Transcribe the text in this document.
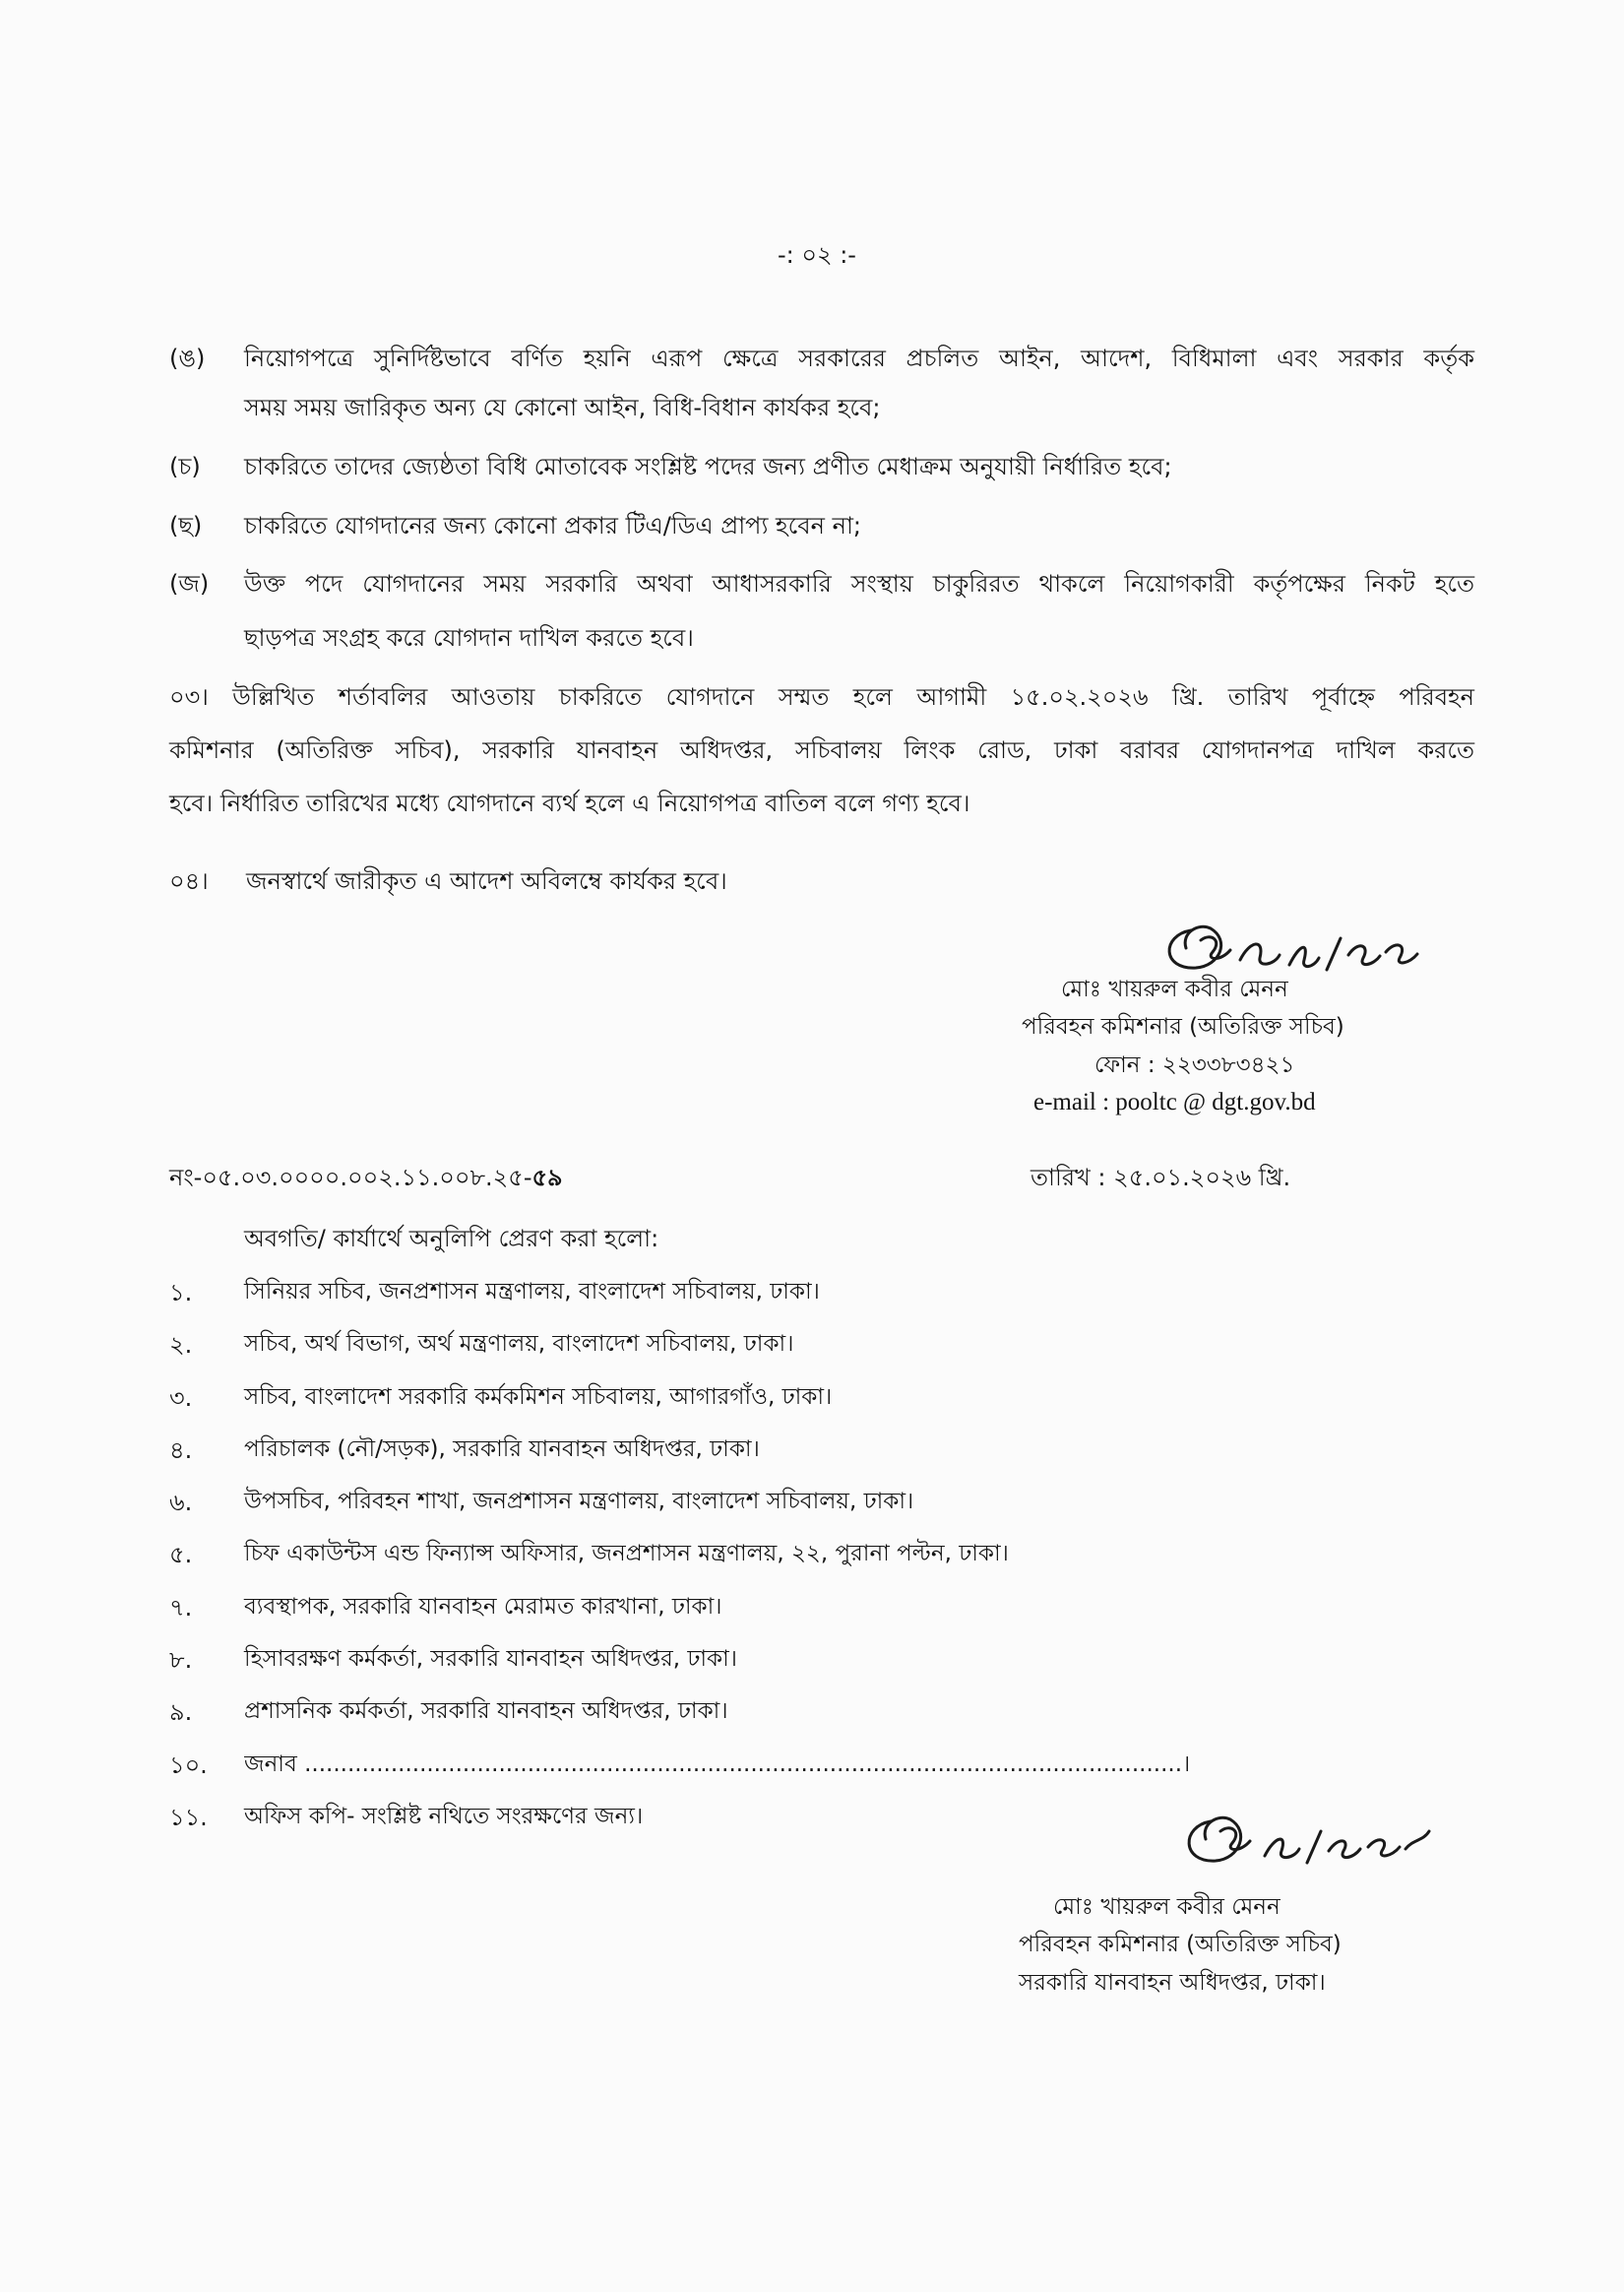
-: ০২ :-
(ঙ) নিয়োগপত্রে সুনির্দিষ্টভাবে বর্ণিত হয়নি এরূপ ক্ষেত্রে সরকারের প্রচলিত আইন, আদেশ, বিধিমালা এবং সরকার কর্তৃক
সময় সময় জারিকৃত অন্য যে কোনো আইন, বিধি-বিধান কার্যকর হবে;
(চ) চাকরিতে তাদের জ্যেষ্ঠতা বিধি মোতাবেক সংশ্লিষ্ট পদের জন্য প্রণীত মেধাক্রম অনুযায়ী নির্ধারিত হবে;
(ছ) চাকরিতে যোগদানের জন্য কোনো প্রকার টিএ/ডিএ প্রাপ্য হবেন না;
(জ) উক্ত পদে যোগদানের সময় সরকারি অথবা আধাসরকারি সংস্থায় চাকুরিরত থাকলে নিয়োগকারী কর্তৃপক্ষের নিকট হতে
ছাড়পত্র সংগ্রহ করে যোগদান দাখিল করতে হবে।
০৩। উল্লিখিত শর্তাবলির আওতায় চাকরিতে যোগদানে সম্মত হলে আগামী ১৫.০২.২০২৬ খ্রি. তারিখ পূর্বাহ্নে পরিবহন
কমিশনার (অতিরিক্ত সচিব), সরকারি যানবাহন অধিদপ্তর, সচিবালয় লিংক রোড, ঢাকা বরাবর যোগদানপত্র দাখিল করতে
হবে। নির্ধারিত তারিখের মধ্যে যোগদানে ব্যর্থ হলে এ নিয়োগপত্র বাতিল বলে গণ্য হবে।
০৪। জনস্বার্থে জারীকৃত এ আদেশ অবিলম্বে কার্যকর হবে।
মোঃ খায়রুল কবীর মেনন
পরিবহন কমিশনার (অতিরিক্ত সচিব)
ফোন : ২২৩৩৮৩৪২১
e-mail : pooltc @ dgt.gov.bd
নং-০৫.০৩.০০০০.০০২.১১.০০৮.২৫-৫৯	তারিখ : ২৫.০১.২০২৬ খ্রি.
অবগতি/ কার্যার্থে অনুলিপি প্রেরণ করা হলো:
১. সিনিয়র সচিব, জনপ্রশাসন মন্ত্রণালয়, বাংলাদেশ সচিবালয়, ঢাকা।
২. সচিব, অর্থ বিভাগ, অর্থ মন্ত্রণালয়, বাংলাদেশ সচিবালয়, ঢাকা।
৩. সচিব, বাংলাদেশ সরকারি কর্মকমিশন সচিবালয়, আগারগাঁও, ঢাকা।
৪. পরিচালক (নৌ/সড়ক), সরকারি যানবাহন অধিদপ্তর, ঢাকা।
৬. উপসচিব, পরিবহন শাখা, জনপ্রশাসন মন্ত্রণালয়, বাংলাদেশ সচিবালয়, ঢাকা।
৫. চিফ একাউন্টস এন্ড ফিন্যান্স অফিসার, জনপ্রশাসন মন্ত্রণালয়, ২২, পুরানা পল্টন, ঢাকা।
৭. ব্যবস্থাপক, সরকারি যানবাহন মেরামত কারখানা, ঢাকা।
৮. হিসাবরক্ষণ কর্মকর্তা, সরকারি যানবাহন অধিদপ্তর, ঢাকা।
৯. প্রশাসনিক কর্মকর্তা, সরকারি যানবাহন অধিদপ্তর, ঢাকা।
১০. জনাব ..........................................................................................................................।
১১. অফিস কপি- সংশ্লিষ্ট নথিতে সংরক্ষণের জন্য।
মোঃ খায়রুল কবীর মেনন
পরিবহন কমিশনার (অতিরিক্ত সচিব)
সরকারি যানবাহন অধিদপ্তর, ঢাকা।
